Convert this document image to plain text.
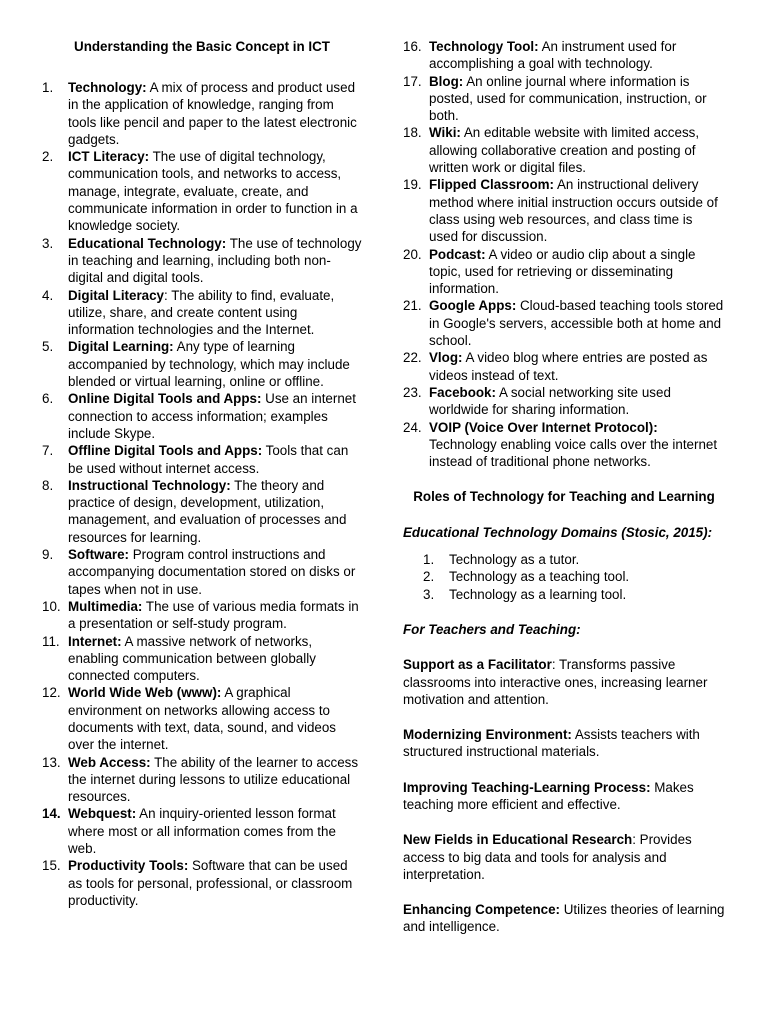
Understanding the Basic Concept in ICT

1.	Technology: A mix of process and product used in the application of knowledge, ranging from tools like pencil and paper to the latest electronic gadgets.
2.	ICT Literacy: The use of digital technology, communication tools, and networks to access, manage, integrate, evaluate, create, and communicate information in order to function in a knowledge society.
3.	Educational Technology: The use of technology in teaching and learning, including both non-digital and digital tools.
4.	Digital Literacy: The ability to find, evaluate, utilize, share, and create content using information technologies and the Internet.
5.	Digital Learning: Any type of learning accompanied by technology, which may include blended or virtual learning, online or offline.
6.	Online Digital Tools and Apps: Use an internet connection to access information; examples include Skype.
7.	Offline Digital Tools and Apps: Tools that can be used without internet access.
8.	Instructional Technology: The theory and practice of design, development, utilization, management, and evaluation of processes and resources for learning.
9.	Software: Program control instructions and accompanying documentation stored on disks or tapes when not in use.
10. Multimedia: The use of various media formats in a presentation or self-study program.
11. Internet: A massive network of networks, enabling communication between globally connected computers.
12. World Wide Web (www): A graphical environment on networks allowing access to documents with text, data, sound, and videos over the internet.
13. Web Access: The ability of the learner to access the internet during lessons to utilize educational resources.
14. Webquest: An inquiry-oriented lesson format where most or all information comes from the web.
15. Productivity Tools: Software that can be used as tools for personal, professional, or classroom productivity.
16. Technology Tool: An instrument used for accomplishing a goal with technology.
17. Blog: An online journal where information is posted, used for communication, instruction, or both.
18. Wiki: An editable website with limited access, allowing collaborative creation and posting of written work or digital files.
19. Flipped Classroom: An instructional delivery method where initial instruction occurs outside of class using web resources, and class time is used for discussion.
20. Podcast: A video or audio clip about a single topic, used for retrieving or disseminating information.
21. Google Apps: Cloud-based teaching tools stored in Google's servers, accessible both at home and school.
22. Vlog: A video blog where entries are posted as videos instead of text.
23. Facebook: A social networking site used worldwide for sharing information.
24. VOIP (Voice Over Internet Protocol): Technology enabling voice calls over the internet instead of traditional phone networks.

Roles of Technology for Teaching and Learning

Educational Technology Domains (Stosic, 2015):

1. Technology as a tutor.
2. Technology as a teaching tool.
3. Technology as a learning tool.

For Teachers and Teaching:

Support as a Facilitator: Transforms passive classrooms into interactive ones, increasing learner motivation and attention.

Modernizing Environment: Assists teachers with structured instructional materials.

Improving Teaching-Learning Process: Makes teaching more efficient and effective.

New Fields in Educational Research: Provides access to big data and tools for analysis and interpretation.

Enhancing Competence: Utilizes theories of learning and intelligence.
